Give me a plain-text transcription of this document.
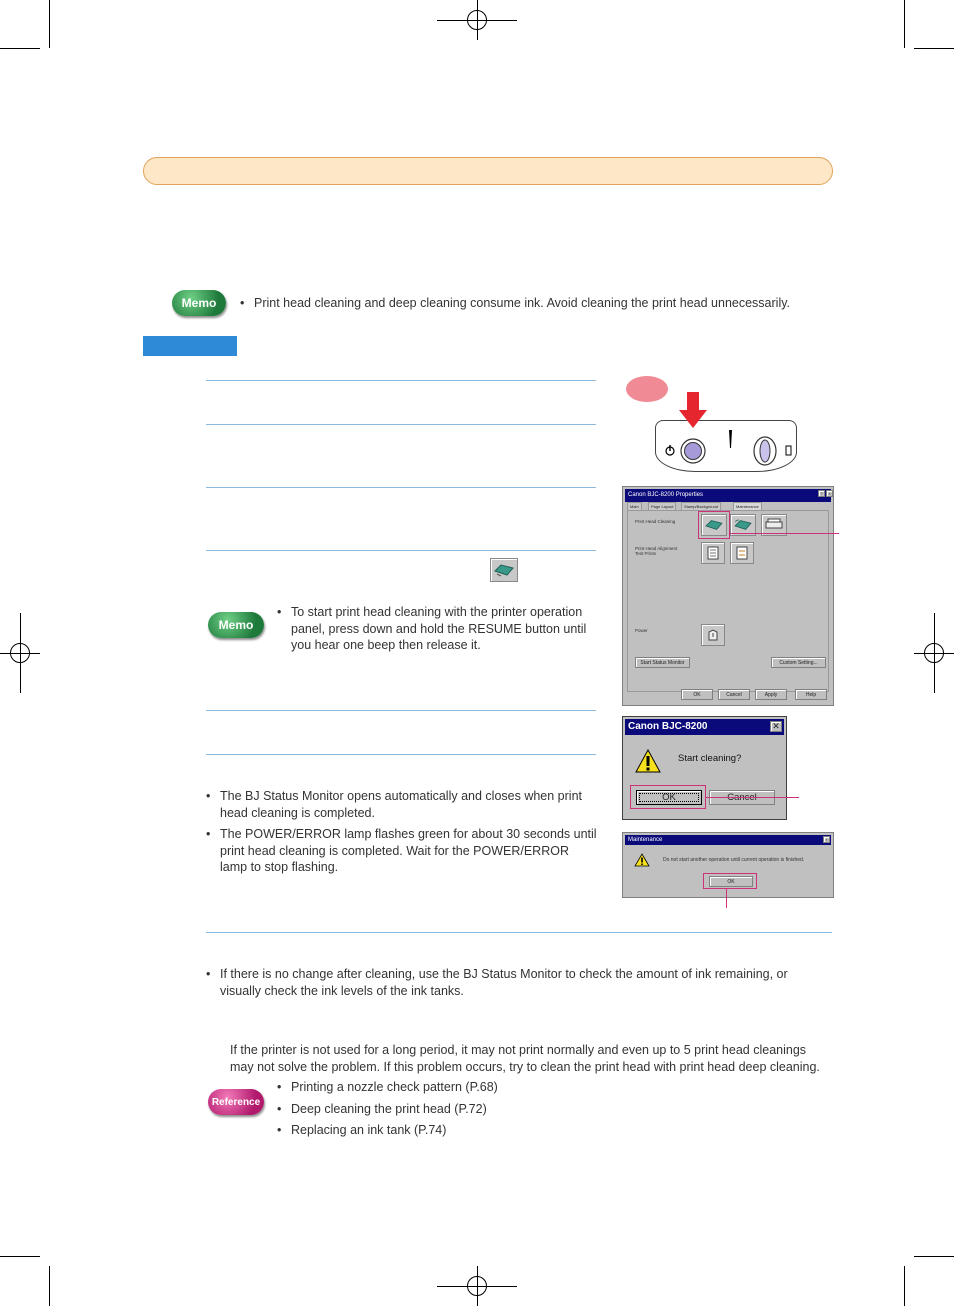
Memo
•	Print head cleaning and deep cleaning consume ink. Avoid cleaning the print head unnecessarily.
Memo
• To start print head cleaning with the printer operation panel, press down and hold the RESUME button until you hear one beep then release it.
• The BJ Status Monitor opens automatically and closes when print head cleaning is completed.
• The POWER/ERROR lamp flashes green for about 30 seconds until print head cleaning is completed. Wait for the POWER/ERROR lamp to stop flashing.
• If there is no change after cleaning, use the BJ Status Monitor to check the amount of ink remaining, or visually check the ink levels of the ink tanks.
If the printer is not used for a long period, it may not print normally and even up to 5 print head cleanings may not solve the problem. If this problem occurs, try to clean the print head with print head deep cleaning.
Reference
• Printing a nozzle check pattern (P.68)
• Deep cleaning the print head (P.72)
• Replacing an ink tank (P.74)
Canon BJC-8200 Properties	?	×
Main	Page Layout	Stamp/Background	Maintenance
Print Head Cleaning
Print Head Alignment
Test Prints
Power
Start Status Monitor	Custom Setting...
OK	Cancel	Apply	Help
Canon BJC-8200	✕
Start cleaning?
OK
Maintenance	×
Do not start another operation until current operation is finished.
OK
